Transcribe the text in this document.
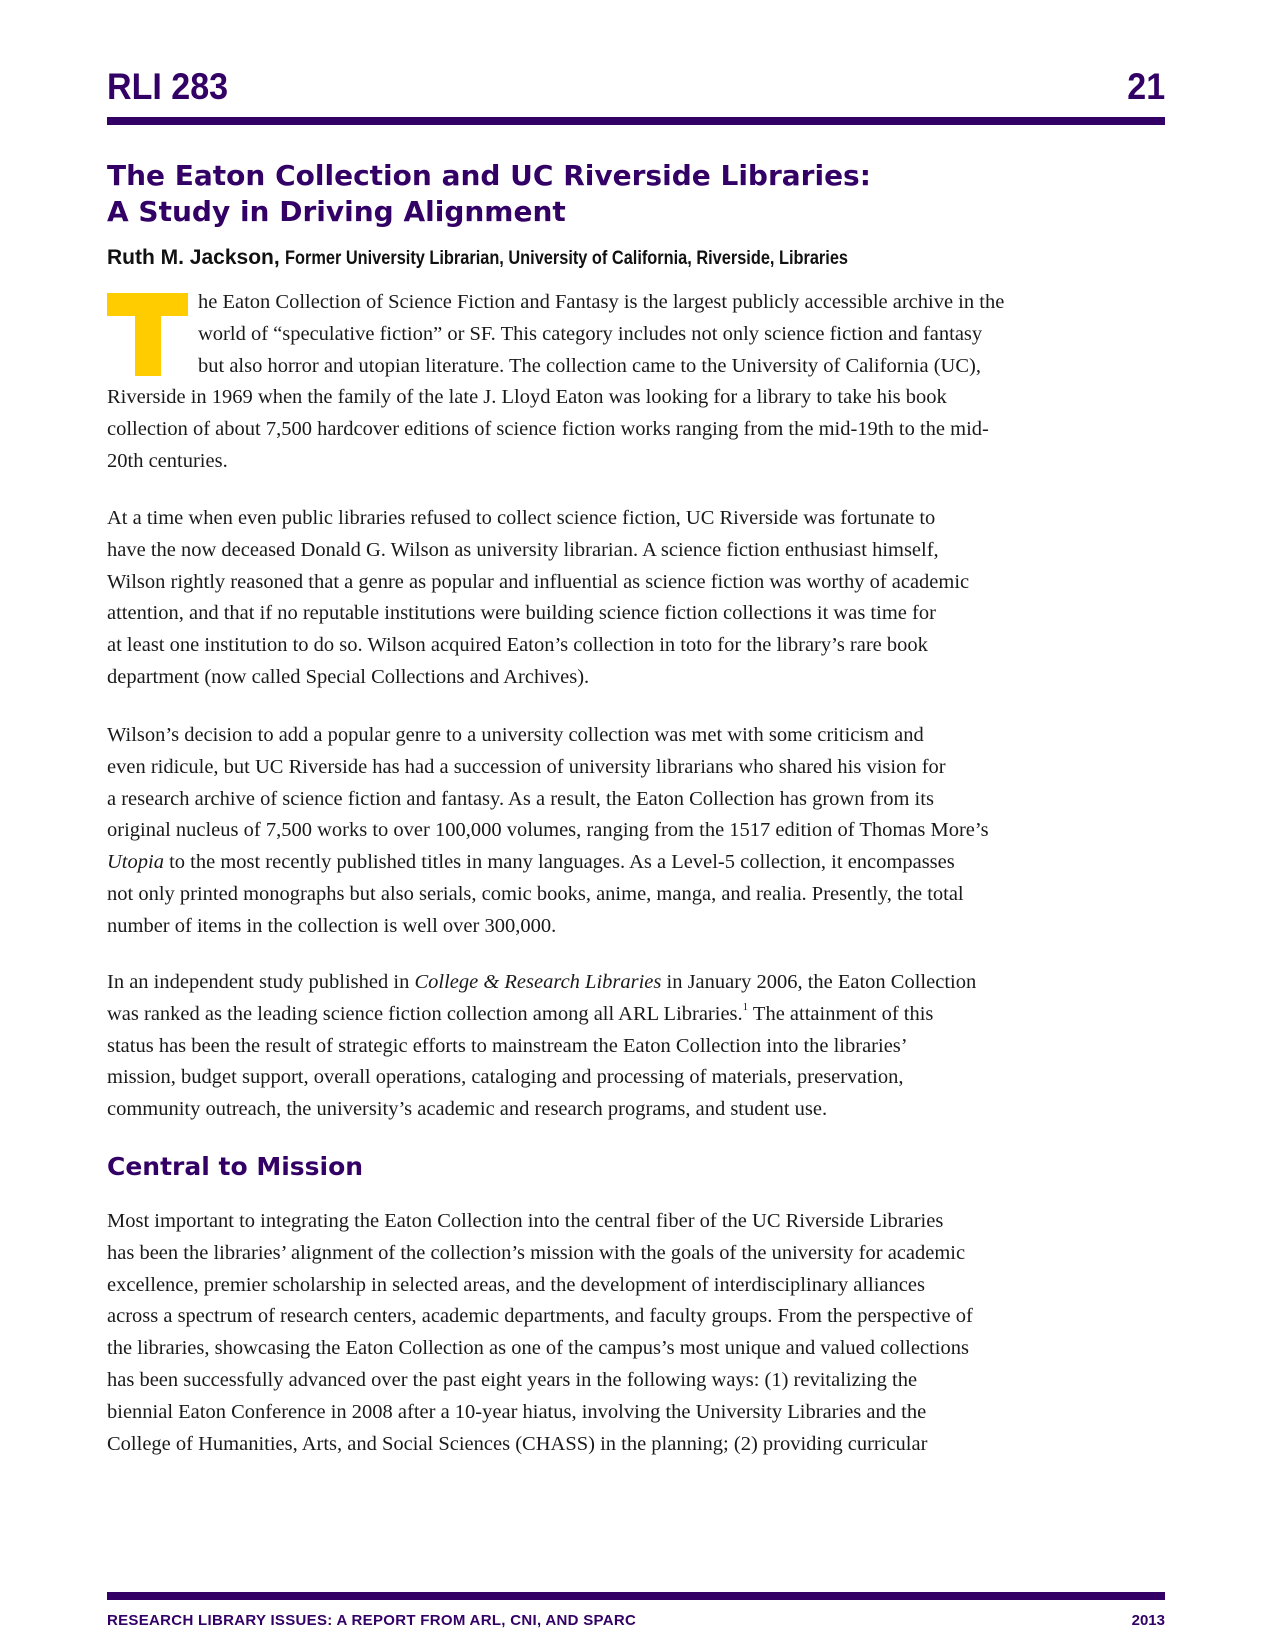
RLI 283	21
The Eaton Collection and UC Riverside Libraries:
A Study in Driving Alignment
Ruth M. Jackson, Former University Librarian, University of California, Riverside, Libraries
he Eaton Collection of Science Fiction and Fantasy is the largest publicly accessible archive in the
world of “speculative fiction” or SF. This category includes not only science fiction and fantasy
but also horror and utopian literature. The collection came to the University of California (UC),
Riverside in 1969 when the family of the late J. Lloyd Eaton was looking for a library to take his book
collection of about 7,500 hardcover editions of science fiction works ranging from the mid-19th to the mid-
20th centuries.
At a time when even public libraries refused to collect science fiction, UC Riverside was fortunate to
have the now deceased Donald G. Wilson as university librarian. A science fiction enthusiast himself,
Wilson rightly reasoned that a genre as popular and influential as science fiction was worthy of academic
attention, and that if no reputable institutions were building science fiction collections it was time for
at least one institution to do so. Wilson acquired Eaton’s collection in toto for the library’s rare book
department (now called Special Collections and Archives).
Wilson’s decision to add a popular genre to a university collection was met with some criticism and
even ridicule, but UC Riverside has had a succession of university librarians who shared his vision for
a research archive of science fiction and fantasy. As a result, the Eaton Collection has grown from its
original nucleus of 7,500 works to over 100,000 volumes, ranging from the 1517 edition of Thomas More’s
Utopia to the most recently published titles in many languages. As a Level-5 collection, it encompasses
not only printed monographs but also serials, comic books, anime, manga, and realia. Presently, the total
number of items in the collection is well over 300,000.
In an independent study published in College & Research Libraries in January 2006, the Eaton Collection
was ranked as the leading science fiction collection among all ARL Libraries.$^1$ The attainment of this
status has been the result of strategic efforts to mainstream the Eaton Collection into the libraries’
mission, budget support, overall operations, cataloging and processing of materials, preservation,
community outreach, the university’s academic and research programs, and student use.
Central to Mission
Most important to integrating the Eaton Collection into the central fiber of the UC Riverside Libraries
has been the libraries’ alignment of the collection’s mission with the goals of the university for academic
excellence, premier scholarship in selected areas, and the development of interdisciplinary alliances
across a spectrum of research centers, academic departments, and faculty groups. From the perspective of
the libraries, showcasing the Eaton Collection as one of the campus’s most unique and valued collections
has been successfully advanced over the past eight years in the following ways: (1) revitalizing the
biennial Eaton Conference in 2008 after a 10-year hiatus, involving the University Libraries and the
College of Humanities, Arts, and Social Sciences (CHASS) in the planning; (2) providing curricular
RESEARCH LIBRARY ISSUES: A REPORT FROM ARL, CNI, AND SPARC	2013
